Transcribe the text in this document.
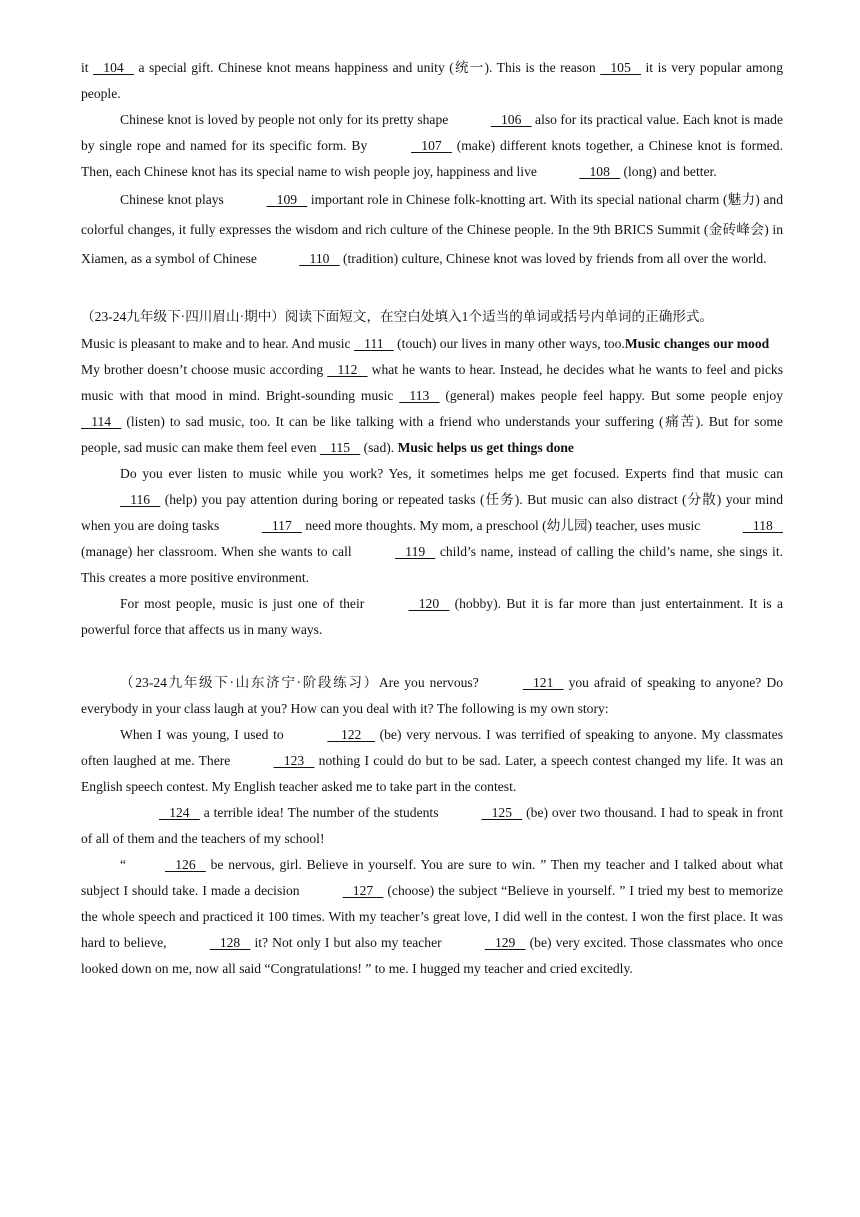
it    104    a special gift. Chinese knot means happiness and unity (统一). This is the reason    105    it is very popular among people.

Chinese knot is loved by people not only for its pretty shape	106    also for its practical value. Each knot is made by single rope and named for its specific form. By	107    (make) different knots together, a Chinese knot is formed. Then, each Chinese knot has its special name to wish people joy, happiness and live	108    (long) and better.

Chinese knot plays	109    important role in Chinese folk-knotting art. With its special national charm (魅力) and colorful changes, it fully expresses the wisdom and rich culture of the Chinese people. In the 9th BRICS Summit (金砖峰会) in Xiamen, as a symbol of Chinese	110    (tradition) culture, Chinese knot was loved by friends from all over the world.

（23-24九年级下·四川眉山·期中）阅读下面短文，在空白处填入1个适当的单词或括号内单词的正确形式。

Music is pleasant to make and to hear. And music    111    (touch) our lives in many other ways, too.Music changes our mood

My brother doesn’t choose music according    112    what he wants to hear. Instead, he decides what he wants to feel and picks music with that mood in mind. Bright-sounding music    113    (general) makes people feel happy. But some people enjoy    114    (listen) to sad music, too. It can be like talking with a friend who understands your suffering (痛苦). But for some people, sad music can make them feel even    115    (sad). Music helps us get things done

Do you ever listen to music while you work? Yes, it sometimes helps me get focused. Experts find that music can    116    (help) you pay attention during boring or repeated tasks (任务). But music can also distract (分散) your mind when you are doing tasks	117    need more thoughts. My mom, a preschool (幼儿园) teacher, uses music	118    (manage) her classroom. When she wants to call	119    child’s name, instead of calling the child’s name, she sings it. This creates a more positive environment.

For most people, music is just one of their	120    (hobby). But it is far more than just entertainment. It is a powerful force that affects us in many ways.

（23-24九年级下·山东济宁·阶段练习）Are you nervous?	121    you afraid of speaking to anyone? Do everybody in your class laugh at you? How can you deal with it? The following is my own story:

When I was young, I used to	122     (be) very nervous. I was terrified of speaking to anyone. My classmates often laughed at me. There	123    nothing I could do but to be sad. Later, a speech contest changed my life. It was an English speech contest. My English teacher asked me to take part in the contest.

124    a terrible idea! The number of the students	125    (be) over two thousand. I had to speak in front of all of them and the teachers of my school!

“	126    be nervous, girl. Believe in yourself. You are sure to win. ” Then my teacher and I talked about what subject I should take. I made a decision	127    (choose) the subject “Believe in yourself. ” I tried my best to memorize the whole speech and practiced it 100 times. With my teacher’s great love, I did well in the contest. I won the first place. It was hard to believe,	128    it? Not only I but also my teacher	129    (be) very excited. Those classmates who once looked down on me, now all said “Congratulations! ” to me. I hugged my teacher and cried excitedly.
